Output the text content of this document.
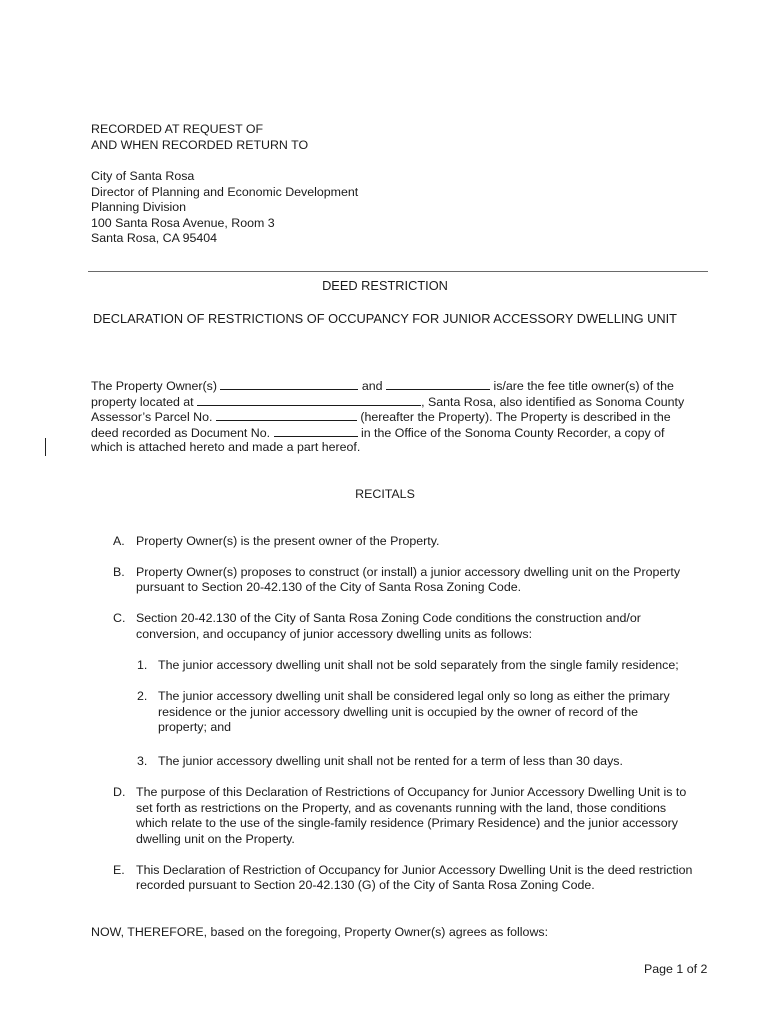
RECORDED AT REQUEST OF
AND WHEN RECORDED RETURN TO
City of Santa Rosa
Director of Planning and Economic Development
Planning Division
100 Santa Rosa Avenue, Room 3
Santa Rosa, CA 95404
DEED RESTRICTION
DECLARATION OF RESTRICTIONS OF OCCUPANCY FOR JUNIOR ACCESSORY DWELLING UNIT
The Property Owner(s)	and	is/are the fee title owner(s) of the
property located at	, Santa Rosa, also identified as Sonoma County
Assessor’s Parcel No.	(hereafter the Property). The Property is described in the
deed recorded as Document No.	in the Office of the Sonoma County Recorder, a copy of
which is attached hereto and made a part hereof.
RECITALS
A. Property Owner(s) is the present owner of the Property.
B. Property Owner(s) proposes to construct (or install) a junior accessory dwelling unit on the Property
pursuant to Section 20-42.130 of the City of Santa Rosa Zoning Code.
C. Section 20-42.130 of the City of Santa Rosa Zoning Code conditions the construction and/or
conversion, and occupancy of junior accessory dwelling units as follows:
1. The junior accessory dwelling unit shall not be sold separately from the single family residence;
2. The junior accessory dwelling unit shall be considered legal only so long as either the primary
residence or the junior accessory dwelling unit is occupied by the owner of record of the
property; and
3. The junior accessory dwelling unit shall not be rented for a term of less than 30 days.
D. The purpose of this Declaration of Restrictions of Occupancy for Junior Accessory Dwelling Unit is to
set forth as restrictions on the Property, and as covenants running with the land, those conditions
which relate to the use of the single-family residence (Primary Residence) and the junior accessory
dwelling unit on the Property.
E. This Declaration of Restriction of Occupancy for Junior Accessory Dwelling Unit is the deed restriction
recorded pursuant to Section 20-42.130 (G) of the City of Santa Rosa Zoning Code.
NOW, THEREFORE, based on the foregoing, Property Owner(s) agrees as follows:
Page 1 of 2
